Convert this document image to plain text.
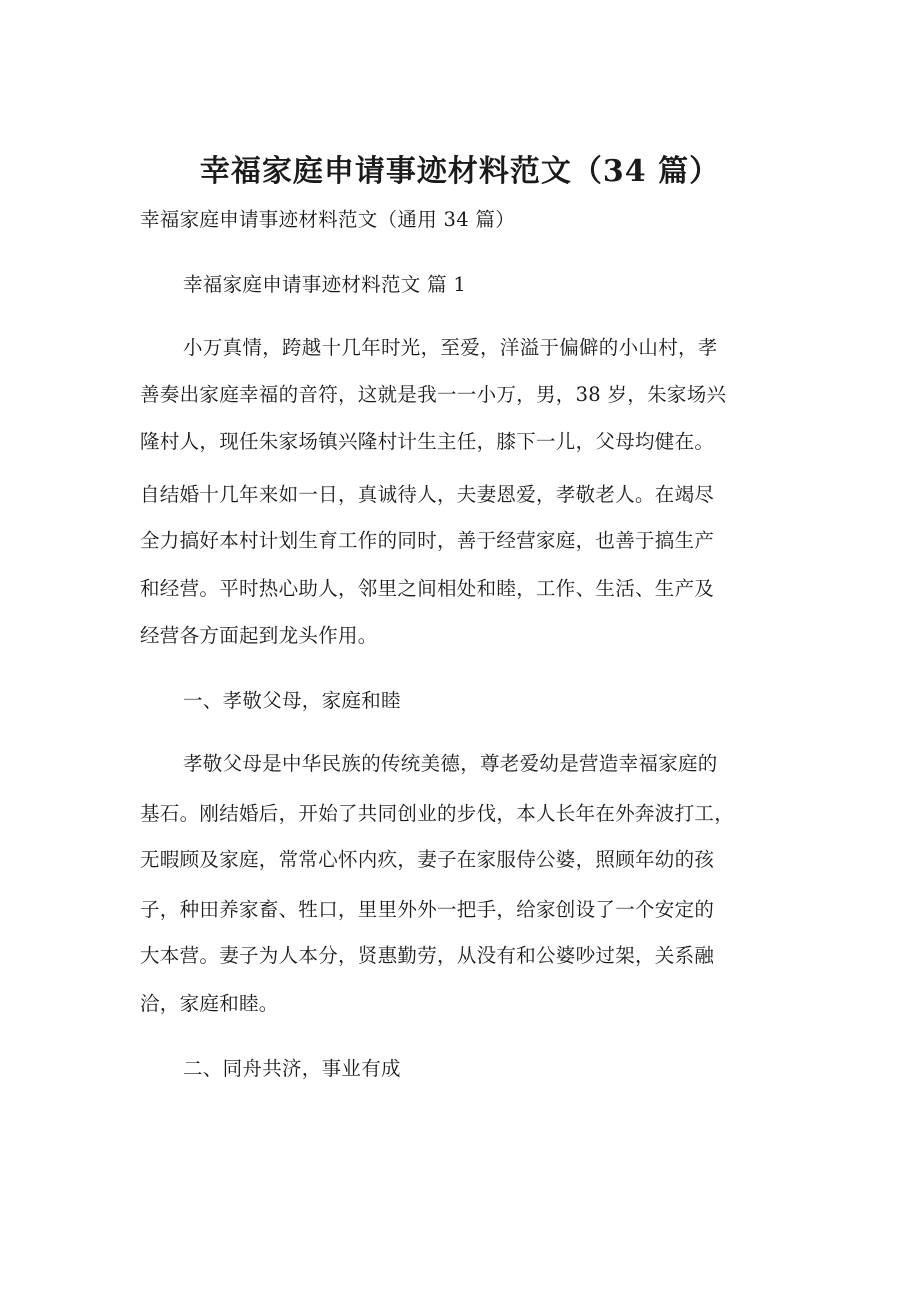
幸福家庭申请事迹材料范文（34 篇）
幸福家庭申请事迹材料范文（通用 34 篇）
幸福家庭申请事迹材料范文 篇 1
小万真情，跨越十几年时光，至爱，洋溢于偏僻的小山村，孝
善奏出家庭幸福的音符，这就是我一一小万，男，38 岁，朱家场兴
隆村人，现任朱家场镇兴隆村计生主任，膝下一儿，父母均健在。
自结婚十几年来如一日，真诚待人，夫妻恩爱，孝敬老人。在竭尽
全力搞好本村计划生育工作的同时，善于经营家庭，也善于搞生产
和经营。平时热心助人，邻里之间相处和睦，工作、生活、生产及
经营各方面起到龙头作用。
一、孝敬父母，家庭和睦
孝敬父母是中华民族的传统美德，尊老爱幼是营造幸福家庭的
基石。刚结婚后，开始了共同创业的步伐，本人长年在外奔波打工，
无暇顾及家庭，常常心怀内疚，妻子在家服侍公婆，照顾年幼的孩
子，种田养家畜、牲口，里里外外一把手，给家创设了一个安定的
大本营。妻子为人本分，贤惠勤劳，从没有和公婆吵过架，关系融
洽，家庭和睦。
二、同舟共济，事业有成
